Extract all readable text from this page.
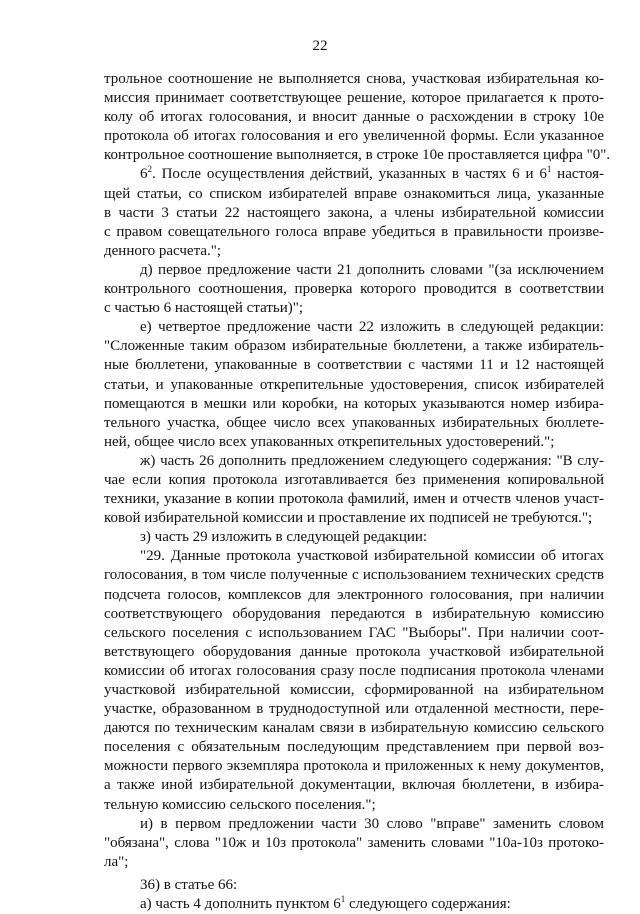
22
трольное соотношение не выполняется снова, участковая избирательная ко-
миссия принимает соответствующее решение, которое прилагается к прото-
колу об итогах голосования, и вносит данные о расхождении в строку 10е
протокола об итогах голосования и его увеличенной формы. Если указанное
контрольное соотношение выполняется, в строке 10е проставляется цифра "0".
$6^2$. После осуществления действий, указанных в частях 6 и $6^1$ настоя-
щей статьи, со списком избирателей вправе ознакомиться лица, указанные
в части 3 статьи 22 настоящего закона, а члены избирательной комиссии
с правом совещательного голоса вправе убедиться в правильности произве-
денного расчета.";
д) первое предложение части 21 дополнить словами "(за исключением
контрольного соотношения, проверка которого проводится в соответствии
с частью 6 настоящей статьи)";
е) четвертое предложение части 22 изложить в следующей редакции:
"Сложенные таким образом избирательные бюллетени, а также избиратель-
ные бюллетени, упакованные в соответствии с частями 11 и 12 настоящей
статьи, и упакованные открепительные удостоверения, список избирателей
помещаются в мешки или коробки, на которых указываются номер избира-
тельного участка, общее число всех упакованных избирательных бюллете-
ней, общее число всех упакованных открепительных удостоверений.";
ж) часть 26 дополнить предложением следующего содержания: "В слу-
чае если копия протокола изготавливается без применения копировальной
техники, указание в копии протокола фамилий, имен и отчеств членов участ-
ковой избирательной комиссии и проставление их подписей не требуются.";
з) часть 29 изложить в следующей редакции:
"29. Данные протокола участковой избирательной комиссии об итогах
голосования, в том числе полученные с использованием технических средств
подсчета голосов, комплексов для электронного голосования, при наличии
соответствующего оборудования передаются в избирательную комиссию
сельского поселения с использованием ГАС "Выборы". При наличии соот-
ветствующего оборудования данные протокола участковой избирательной
комиссии об итогах голосования сразу после подписания протокола членами
участковой избирательной комиссии, сформированной на избирательном
участке, образованном в труднодоступной или отдаленной местности, пере-
даются по техническим каналам связи в избирательную комиссию сельского
поселения с обязательным последующим представлением при первой воз-
можности первого экземпляра протокола и приложенных к нему документов,
а также иной избирательной документации, включая бюллетени, в избира-
тельную комиссию сельского поселения.";
и) в первом предложении части 30 слово "вправе" заменить словом
"обязана", слова "10ж и 10з протокола" заменить словами "10а-10з протоко-
ла";
36) в статье 66:
а) часть 4 дополнить пунктом $6^1$ следующего содержания:
